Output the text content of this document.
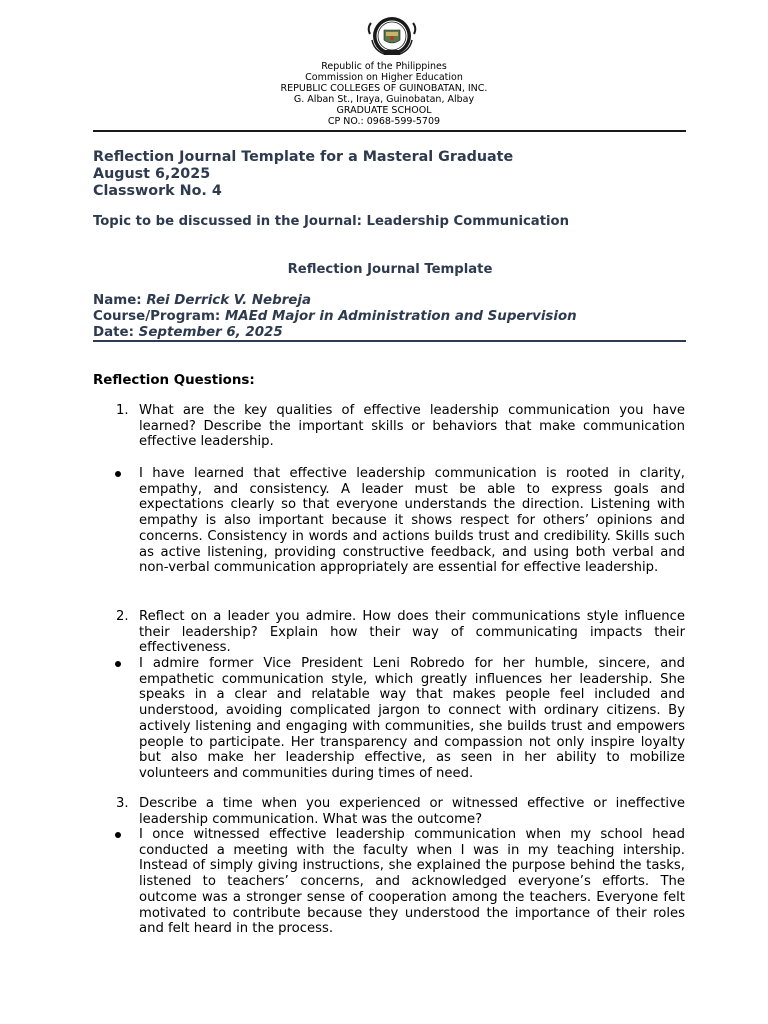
Republic of the Philippines
Commission on Higher Education
REPUBLIC COLLEGES OF GUINOBATAN, INC.
G. Alban St., Iraya, Guinobatan, Albay
GRADUATE SCHOOL
CP NO.: 0968-599-5709
Reflection Journal Template for a Masteral Graduate
August 6,2025
Classwork No. 4
Topic to be discussed in the Journal: Leadership Communication
Reflection Journal Template
Name: Rei Derrick V. Nebreja
Course/Program: MAEd Major in Administration and Supervision
Date: September 6, 2025
Reflection Questions:
1. What are the key qualities of effective leadership communication you have learned? Describe the important skills or behaviors that make communication effective leadership.
I have learned that effective leadership communication is rooted in clarity, empathy, and consistency. A leader must be able to express goals and expectations clearly so that everyone understands the direction. Listening with empathy is also important because it shows respect for others’ opinions and concerns. Consistency in words and actions builds trust and credibility. Skills such as active listening, providing constructive feedback, and using both verbal and non-verbal communication appropriately are essential for effective leadership.
2. Reflect on a leader you admire. How does their communications style influence their leadership? Explain how their way of communicating impacts their effectiveness.
I admire former Vice President Leni Robredo for her humble, sincere, and empathetic communication style, which greatly influences her leadership. She speaks in a clear and relatable way that makes people feel included and understood, avoiding complicated jargon to connect with ordinary citizens. By actively listening and engaging with communities, she builds trust and empowers people to participate. Her transparency and compassion not only inspire loyalty but also make her leadership effective, as seen in her ability to mobilize volunteers and communities during times of need.
3. Describe a time when you experienced or witnessed effective or ineffective leadership communication. What was the outcome?
I once witnessed effective leadership communication when my school head conducted a meeting with the faculty when I was in my teaching intership. Instead of simply giving instructions, she explained the purpose behind the tasks, listened to teachers’ concerns, and acknowledged everyone’s efforts. The outcome was a stronger sense of cooperation among the teachers. Everyone felt motivated to contribute because they understood the importance of their roles and felt heard in the process.
